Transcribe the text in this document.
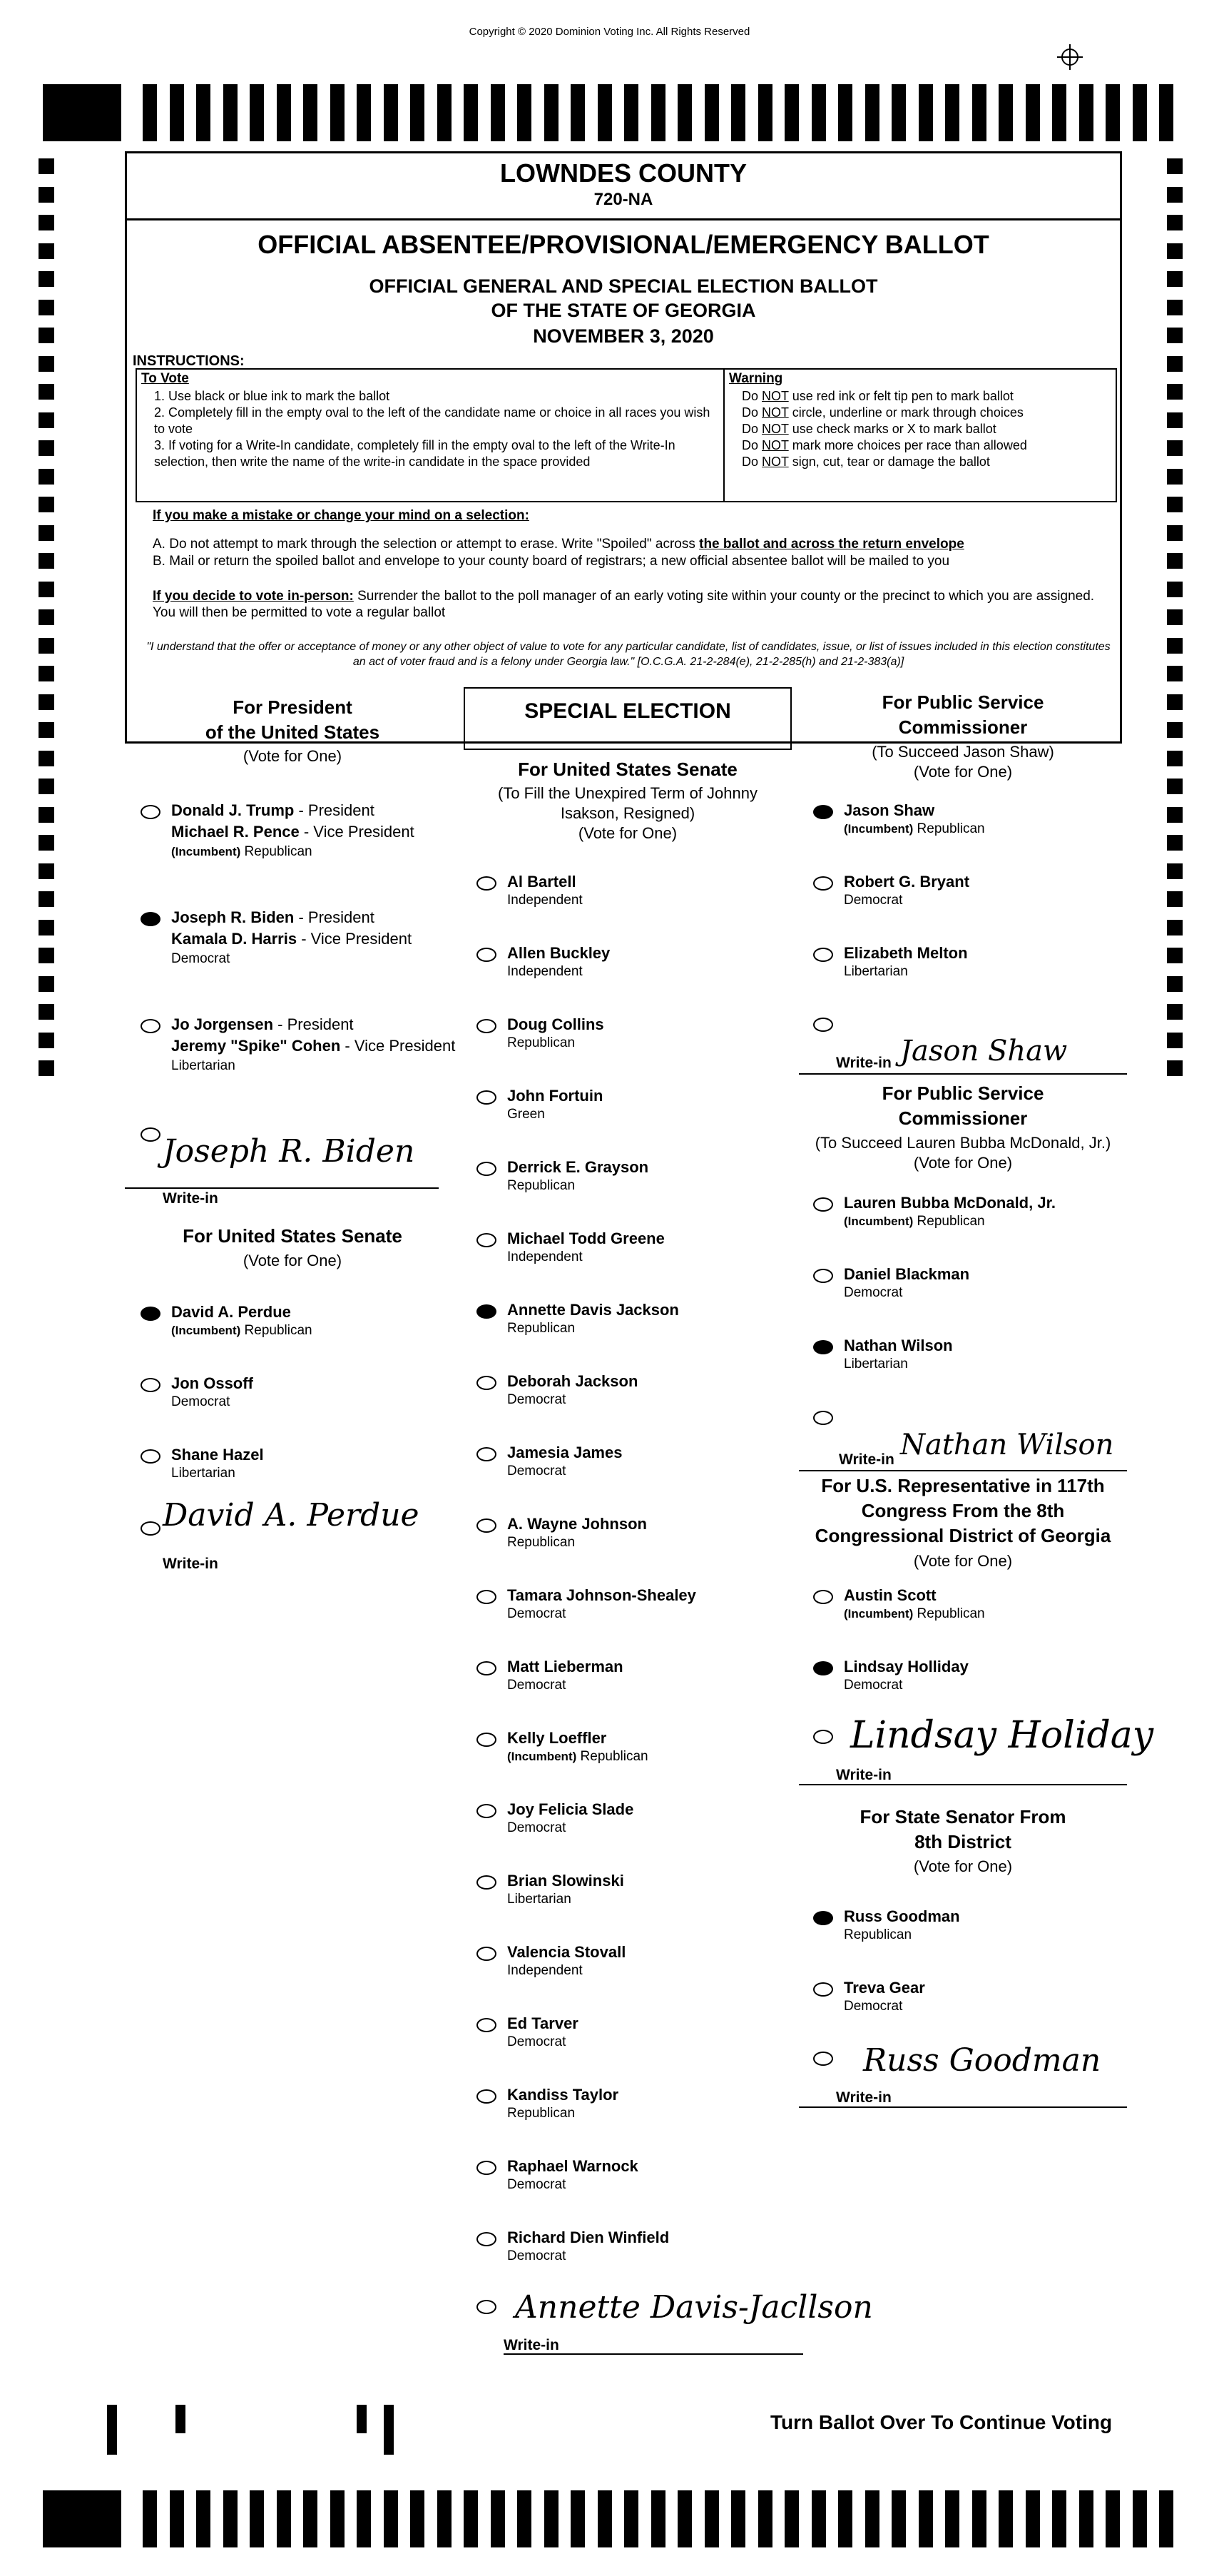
Copyright © 2020 Dominion Voting Inc. All Rights Reserved
LOWNDES COUNTY
720-NA
OFFICIAL ABSENTEE/PROVISIONAL/EMERGENCY BALLOT
OFFICIAL GENERAL AND SPECIAL ELECTION BALLOT
OF THE STATE OF GEORGIA
NOVEMBER 3, 2020
INSTRUCTIONS:
To Vote
1. Use black or blue ink to mark the ballot
2. Completely fill in the empty oval to the left of the candidate name or choice in all races you wish to vote
3. If voting for a Write-In candidate, completely fill in the empty oval to the left of the Write-In selection, then write the name of the write-in candidate in the space provided
Warning
Do NOT use red ink or felt tip pen to mark ballot
Do NOT circle, underline or mark through choices
Do NOT use check marks or X to mark ballot
Do NOT mark more choices per race than allowed
Do NOT sign, cut, tear or damage the ballot
If you make a mistake or change your mind on a selection:
A. Do not attempt to mark through the selection or attempt to erase. Write "Spoiled" across the ballot and across the return envelope
B. Mail or return the spoiled ballot and envelope to your county board of registrars; a new official absentee ballot will be mailed to you
If you decide to vote in-person: Surrender the ballot to the poll manager of an early voting site within your county or the precinct to which you are assigned. You will then be permitted to vote a regular ballot
"I understand that the offer or acceptance of money or any other object of value to vote for any particular candidate, list of candidates, issue, or list of issues included in this election constitutes an act of voter fraud and is a felony under Georgia law." [O.C.G.A. 21-2-284(e), 21-2-285(h) and 21-2-383(a)]
For President
of the United States
(Vote for One)
Donald J. Trump - President
Michael R. Pence - Vice President
(Incumbent) Republican
Joseph R. Biden - President
Kamala D. Harris - Vice President
Democrat
Jo Jorgensen - President
Jeremy "Spike" Cohen - Vice President
Libertarian
Joseph R. Biden
Write-in
For United States Senate
(Vote for One)
David A. Perdue
(Incumbent) Republican
Jon Ossoff
Democrat
Shane Hazel
Libertarian
David A. Perdue
Write-in
SPECIAL ELECTION
For United States Senate
(To Fill the Unexpired Term of Johnny
Isakson, Resigned)
(Vote for One)
Al Bartell
Independent
Allen Buckley
Independent
Doug Collins
Republican
John Fortuin
Green
Derrick E. Grayson
Republican
Michael Todd Greene
Independent
Annette Davis Jackson
Republican
Deborah Jackson
Democrat
Jamesia James
Democrat
A. Wayne Johnson
Republican
Tamara Johnson-Shealey
Democrat
Matt Lieberman
Democrat
Kelly Loeffler
(Incumbent) Republican
Joy Felicia Slade
Democrat
Brian Slowinski
Libertarian
Valencia Stovall
Independent
Ed Tarver
Democrat
Kandiss Taylor
Republican
Raphael Warnock
Democrat
Richard Dien Winfield
Democrat
Annette Davis-Jacllson
Write-in
For Public Service
Commissioner
(To Succeed Jason Shaw)
(Vote for One)
Jason Shaw
(Incumbent) Republican
Robert G. Bryant
Democrat
Elizabeth Melton
Libertarian
Write-in Jason Shaw
For Public Service
Commissioner
(To Succeed Lauren Bubba McDonald, Jr.)
(Vote for One)
Lauren Bubba McDonald, Jr.
(Incumbent) Republican
Daniel Blackman
Democrat
Nathan Wilson
Libertarian
Write-in Nathan Wilson
For U.S. Representative in 117th
Congress From the 8th
Congressional District of Georgia
(Vote for One)
Austin Scott
(Incumbent) Republican
Lindsay Holliday
Democrat
Lindsay Holiday
Write-in
For State Senator From
8th District
(Vote for One)
Russ Goodman
Republican
Treva Gear
Democrat
Russ Goodman
Write-in
Turn Ballot Over To Continue Voting
